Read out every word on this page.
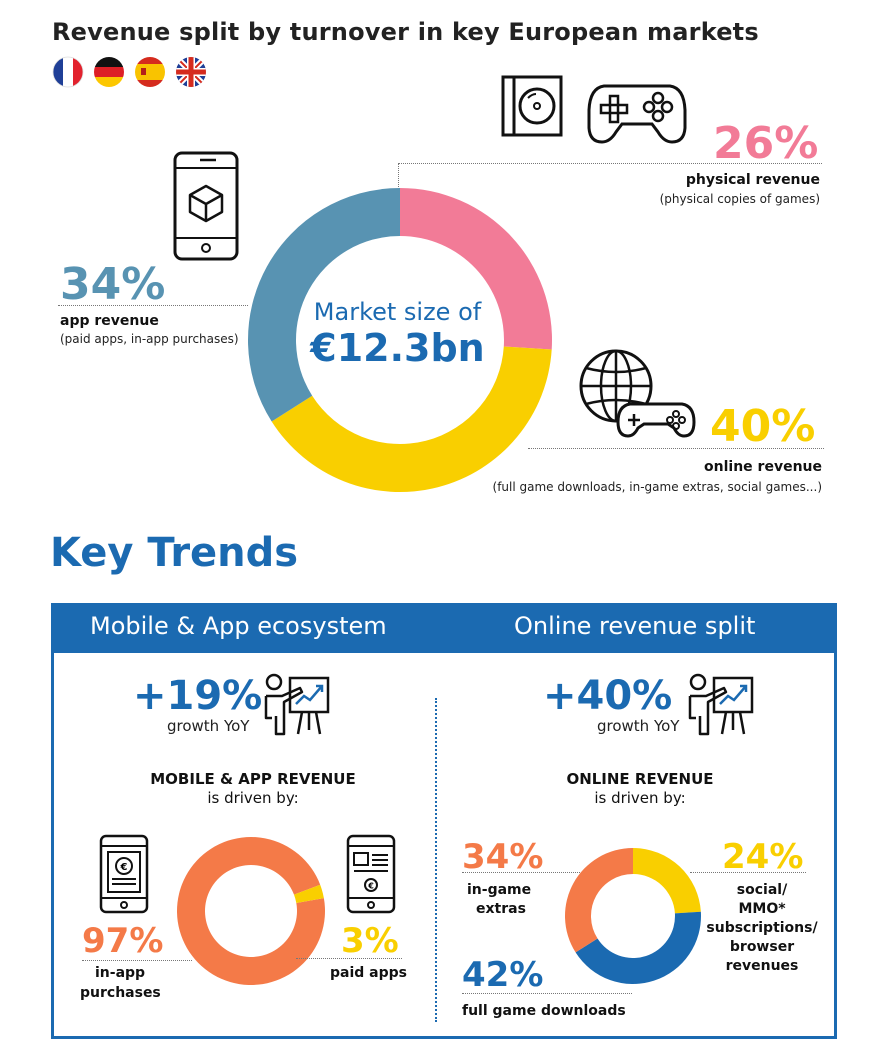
Revenue split by turnover in key European markets
Market size of
€12.3bn
26%
physical revenue
(physical copies of games)
34%
app revenue
(paid apps, in-app purchases)
40%
online revenue
(full game downloads, in-game extras, social games...)
Key Trends
Mobile & App ecosystem	Online revenue split
+19%
growth YoY
+40%
growth YoY
MOBILE & APP REVENUE
is driven by:
ONLINE REVENUE
is driven by:
€
€
97%
in-app
purchases
3%
paid apps
34%
in-game
extras
42%
full game downloads
24%
social/
MMO*
subscriptions/
browser
revenues
